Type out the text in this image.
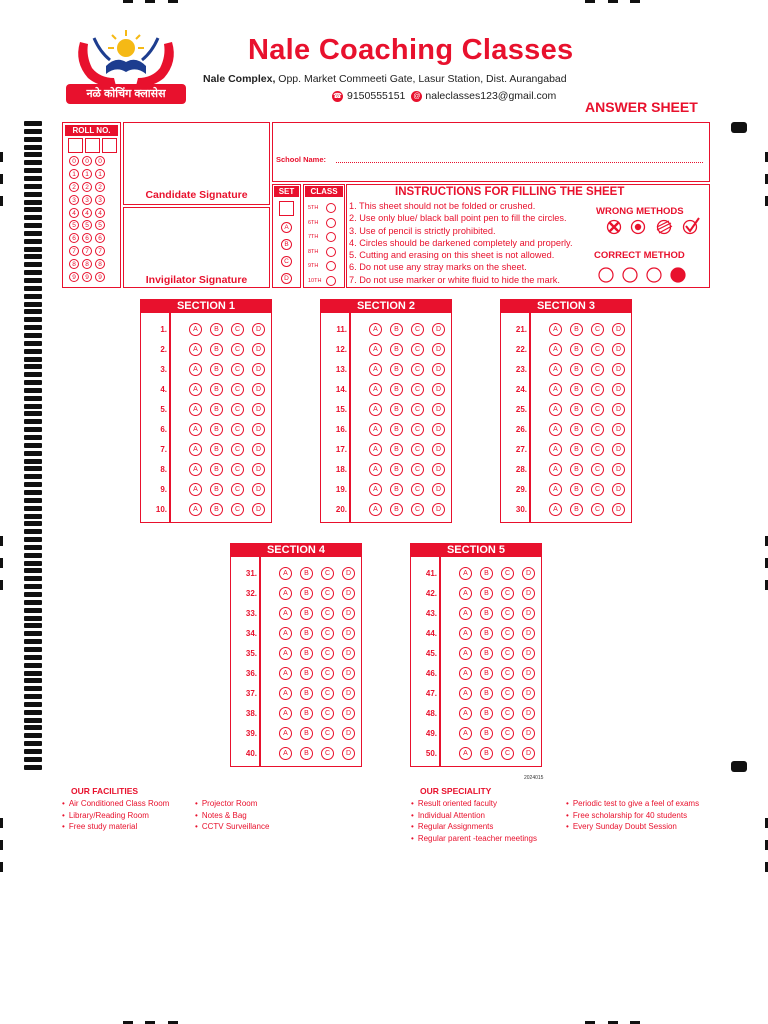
नळे कोचिंग क्लासेस
Nale Coaching Classes
Nale Complex, Opp. Market Commeeti Gate, Lasur Station, Dist. Aurangabad
☎ 9150555151 @ naleclasses123@gmail.com
ANSWER SHEET
ROLL NO.
0	0	0
1	1	1
2	2	2
3	3	3
4	4	4
5	5	5
6	6	6
7	7	7
8	8	8
9	9	9
Candidate Signature
Invigilator Signature
School Name:
SET
A
B
C
D
CLASS
5TH
6TH
7TH
8TH
9TH
10TH
INSTRUCTIONS FOR FILLING THE SHEET
1. This sheet should not be folded or crushed.
2. Use only blue/ black ball point pen to fill the circles.
3. Use of pencil is strictly prohibited.
4. Circles should be darkened completely and properly.
5. Cutting and erasing on this sheet is not allowed.
6. Do not use any stray marks on the sheet.
7. Do not use marker or white fluid to hide the mark.
WRONG METHODS
CORRECT METHOD
SECTION 1
1.	A	B	C	D
2.	A	B	C	D
3.	A	B	C	D
4.	A	B	C	D
5.	A	B	C	D
6.	A	B	C	D
7.	A	B	C	D
8.	A	B	C	D
9.	A	B	C	D
10.	A	B	C	D
SECTION 2
11.	A	B	C	D
12.	A	B	C	D
13.	A	B	C	D
14.	A	B	C	D
15.	A	B	C	D
16.	A	B	C	D
17.	A	B	C	D
18.	A	B	C	D
19.	A	B	C	D
20.	A	B	C	D
SECTION 3
21.	A	B	C	D
22.	A	B	C	D
23.	A	B	C	D
24.	A	B	C	D
25.	A	B	C	D
26.	A	B	C	D
27.	A	B	C	D
28.	A	B	C	D
29.	A	B	C	D
30.	A	B	C	D
SECTION 4
31.	A	B	C	D
32.	A	B	C	D
33.	A	B	C	D
34.	A	B	C	D
35.	A	B	C	D
36.	A	B	C	D
37.	A	B	C	D
38.	A	B	C	D
39.	A	B	C	D
40.	A	B	C	D
SECTION 5
41.	A	B	C	D
42.	A	B	C	D
43.	A	B	C	D
44.	A	B	C	D
45.	A	B	C	D
46.	A	B	C	D
47.	A	B	C	D
48.	A	B	C	D
49.	A	B	C	D
50.	A	B	C	D
2024015
OUR FACILITIES
• Air Conditioned Class Room
• Library/Reading Room
• Free study material
• Projector Room
• Notes & Bag
• CCTV Surveillance
OUR SPECIALITY
• Result oriented faculty
• Individual Attention
• Regular Assignments
• Regular parent -teacher meetings
• Periodic test to give a feel of exams
• Free scholarship for 40 students
• Every Sunday Doubt Session
